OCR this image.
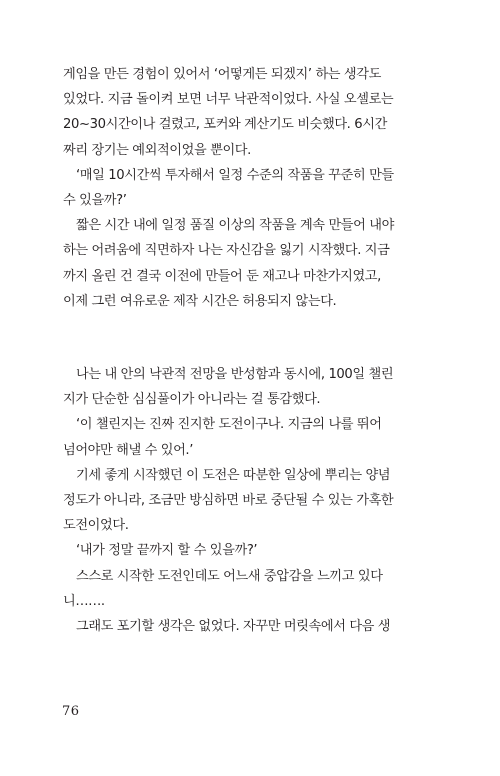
게임을 만든 경험이 있어서 ‘어떻게든 되겠지’ 하는 생각도
있었다. 지금 돌이켜 보면 너무 낙관적이었다. 사실 오셀로는
20~30시간이나 걸렸고, 포커와 계산기도 비슷했다. 6시간
짜리 장기는 예외적이었을 뿐이다.

‘매일 10시간씩 투자해서 일정 수준의 작품을 꾸준히 만들
수 있을까?’

짧은 시간 내에 일정 품질 이상의 작품을 계속 만들어 내야
하는 어려움에 직면하자 나는 자신감을 잃기 시작했다. 지금
까지 올린 건 결국 이전에 만들어 둔 재고나 마찬가지였고,
이제 그런 여유로운 제작 시간은 허용되지 않는다.

나는 내 안의 낙관적 전망을 반성함과 동시에, 100일 챌린
지가 단순한 심심풀이가 아니라는 걸 통감했다.

‘이 챌린지는 진짜 진지한 도전이구나. 지금의 나를 뛰어
넘어야만 해낼 수 있어.’

기세 좋게 시작했던 이 도전은 따분한 일상에 뿌리는 양념
정도가 아니라, 조금만 방심하면 바로 중단될 수 있는 가혹한
도전이었다.

‘내가 정말 끝까지 할 수 있을까?’

스스로 시작한 도전인데도 어느새 중압감을 느끼고 있다
니…….

그래도 포기할 생각은 없었다. 자꾸만 머릿속에서 다음 생

76
